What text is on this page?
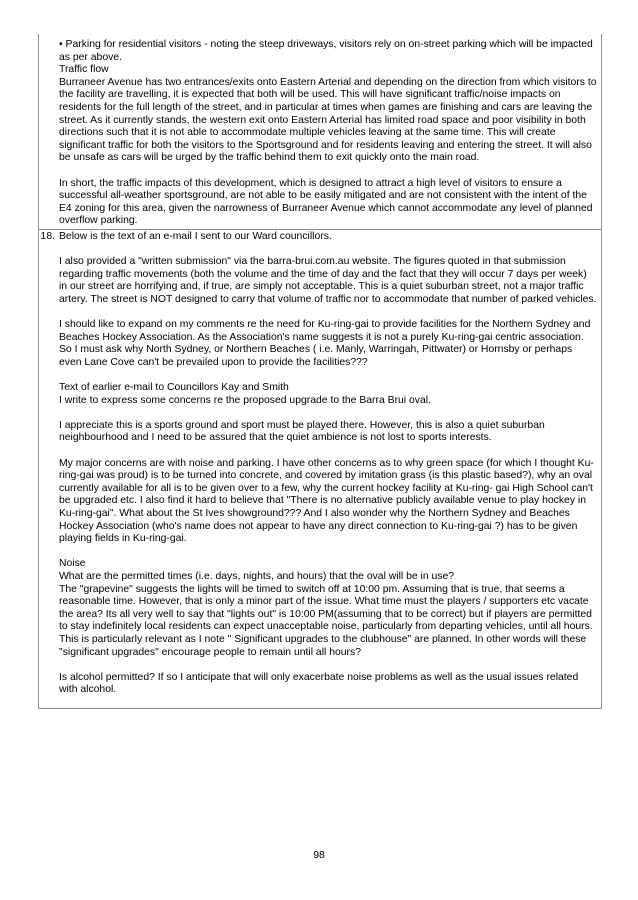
• Parking for residential visitors - noting the steep driveways, visitors rely on on-street parking which will be impacted as per above.

Traffic flow

Burraneer Avenue has two entrances/exits onto Eastern Arterial and depending on the direction from which visitors to the facility are travelling, it is expected that both will be used. This will have significant traffic/noise impacts on residents for the full length of the street, and in particular at times when games are finishing and cars are leaving the street. As it currently stands, the western exit onto Eastern Arterial has limited road space and poor visibility in both directions such that it is not able to accommodate multiple vehicles leaving at the same time. This will create significant traffic for both the visitors to the Sportsground and for residents leaving and entering the street. It will also be unsafe as cars will be urged by the traffic behind them to exit quickly onto the main road.

In short, the traffic impacts of this development, which is designed to attract a high level of visitors to ensure a successful all-weather sportsground, are not able to be easily mitigated and are not consistent with the intent of the E4 zoning for this area, given the narrowness of Burraneer Avenue which cannot accommodate any level of planned overflow parking.

18. Below is the text of an e-mail I sent to our Ward councillors.

I also provided a "written submission" via the barra-brui.com.au website. The figures quoted in that submission regarding traffic movements (both the volume and the time of day and the fact that they will occur 7 days per week) in our street are horrifying and, if true, are simply not acceptable. This is a quiet suburban street, not a major traffic artery. The street is NOT designed to carry that volume of traffic nor to accommodate that number of parked vehicles.

I should like to expand on my comments re the need for Ku-ring-gai to provide facilities for the Northern Sydney and Beaches Hockey Association. As the Association's name suggests it is not a purely Ku-ring-gai centric association. So I must ask why North Sydney, or Northern Beaches ( i.e. Manly, Warringah, Pittwater) or Hornsby or perhaps even Lane Cove can't be prevailed upon to provide the facilities???

Text of earlier e-mail to Councillors Kay and Smith

I write to express some concerns re the proposed upgrade to the Barra Brui oval.

I appreciate this is a sports ground and sport must be played there. However, this is also a quiet suburban neighbourhood and I need to be assured that the quiet ambience is not lost to sports interests.

My major concerns are with noise and parking. I have other concerns as to why green space (for which I thought Ku-ring-gai was proud) is to be turned into concrete, and covered by imitation grass (is this plastic based?), why an oval currently available for all is to be given over to a few, why the current hockey facility at Ku-ring- gai High School can't be upgraded etc. I also find it hard to believe that "There is no alternative publicly available venue to play hockey in Ku-ring-gai". What about the St Ives showground??? And I also wonder why the Northern Sydney and Beaches Hockey Association (who's name does not appear to have any direct connection to Ku-ring-gai ?) has to be given playing fields in Ku-ring-gai.

Noise

What are the permitted times (i.e. days, nights, and hours) that the oval will be in use?

The "grapevine" suggests the lights will be timed to switch off at 10:00 pm. Assuming that is true, that seems a reasonable time. However, that is only a minor part of the issue. What time must the players / supporters etc vacate the area? Its all very well to say that "lights out" is 10:00 PM(assuming that to be correct) but if players are permitted to stay indefinitely local residents can expect unacceptable noise, particularly from departing vehicles, until all hours. This is particularly relevant as I note " Significant upgrades to the clubhouse" are planned. In other words will these "significant upgrades" encourage people to remain until all hours?

Is alcohol permitted? If so I anticipate that will only exacerbate noise problems as well as the usual issues related with alcohol.

98
